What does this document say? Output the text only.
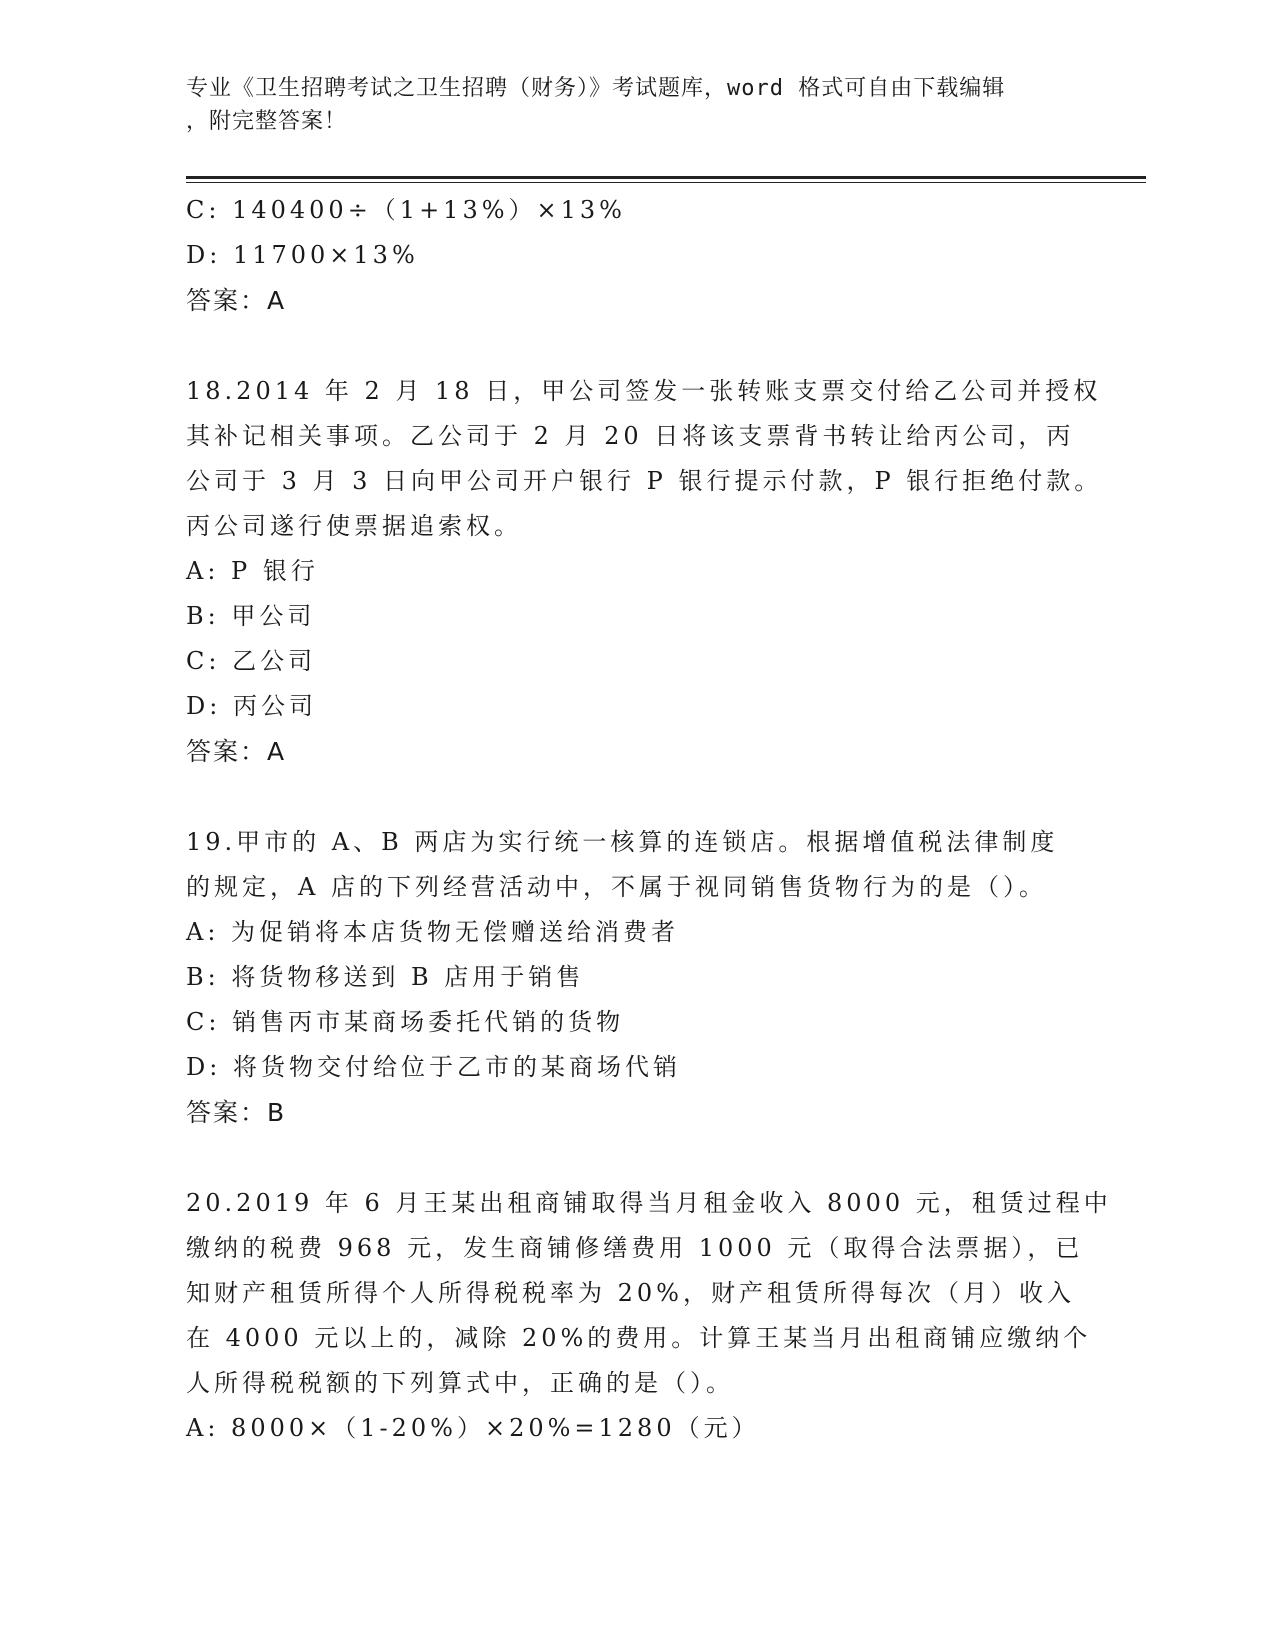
专业《卫生招聘考试之卫生招聘（财务）》考试题库，word 格式可自由下载编辑
，附完整答案！
C: 140400÷（1+13%）×13%
D: 11700×13%
答案：A
18.2014 年 2 月 18 日，甲公司签发一张转账支票交付给乙公司并授权
其补记相关事项。乙公司于 2 月 20 日将该支票背书转让给丙公司，丙
公司于 3 月 3 日向甲公司开户银行 P 银行提示付款，P 银行拒绝付款。
丙公司遂行使票据追索权。
A: P 银行
B: 甲公司
C: 乙公司
D: 丙公司
答案：A
19.甲市的 A、B 两店为实行统一核算的连锁店。根据增值税法律制度
的规定，A 店的下列经营活动中，不属于视同销售货物行为的是（）。
A: 为促销将本店货物无偿赠送给消费者
B: 将货物移送到 B 店用于销售
C: 销售丙市某商场委托代销的货物
D: 将货物交付给位于乙市的某商场代销
答案：B
20.2019 年 6 月王某出租商铺取得当月租金收入 8000 元，租赁过程中
缴纳的税费 968 元，发生商铺修缮费用 1000 元（取得合法票据），已
知财产租赁所得个人所得税税率为 20%，财产租赁所得每次（月）收入
在 4000 元以上的，减除 20%的费用。计算王某当月出租商铺应缴纳个
人所得税税额的下列算式中，正确的是（）。
A: 8000×（1-20%）×20%=1280（元）
